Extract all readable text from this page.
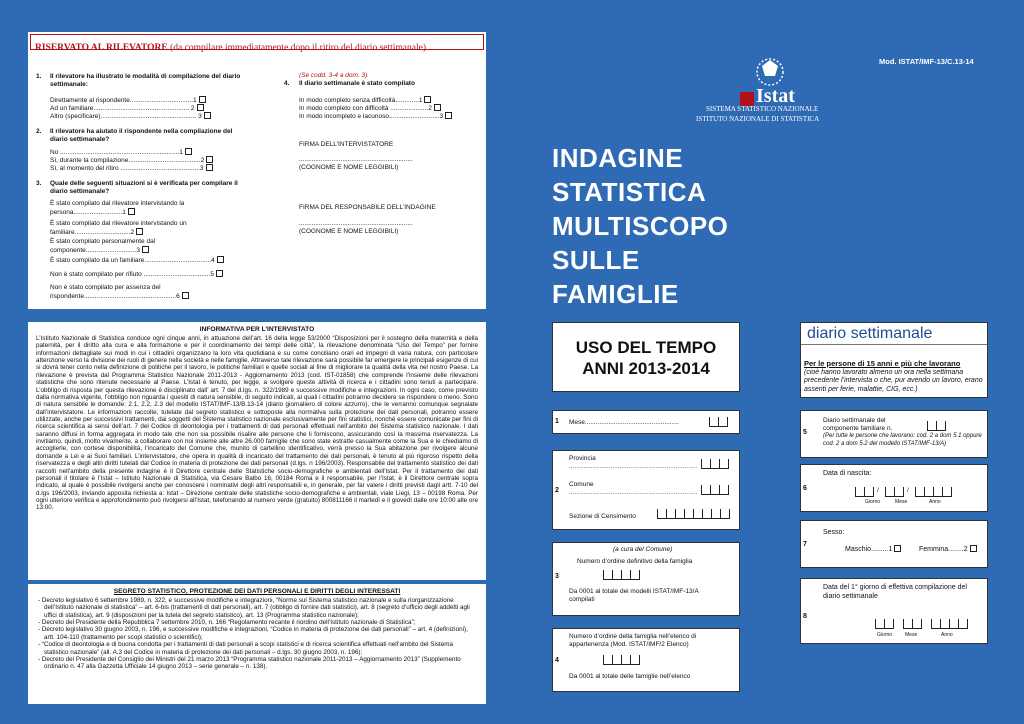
RISERVATO AL RILEVATORE (da compilare immediatamente dopo il ritiro del diario settimanale)
1. Il rilevatore ha illustrato le modalità di compilazione del diario settimanale:
Direttamente al rispondente...................................1
Ad un familiare..................................................... 2
Altro (specificare)..................................................... 3
2. Il rilevatore ha aiutato il rispondente nella compilazione del diario settimanale?
No ..................................................................1
Sì, durante la compilazione........................................2
Sì, al momento del ritiro ............................................3
3. Quale delle seguenti situazioni si è verificata per compilare il diario settimanale?
È stato compilato dal rilevatore intervistando la persona...........................1
È stato compilato dal rilevatore intervistando un familiare...............................2
È stato compilato personalmente dal componente............................3
È stato compilato da un familiare.....................................4
Non è stato compilato per rifiuto .....................................5
Non è stato compilato per assenza del rispondente...................................................6
(Se codd. 3-4 a dom. 3)
4. Il diario settimanale è stato compilato
In modo completo senza difficoltà.............1
In modo completo con difficoltà .....................2
In modo incompleto e lacunoso............................3
FIRMA DELL’INTERVISTATORE
...............................................................
(COGNOME E NOME LEGGIBILI)
FIRMA DEL RESPONSABILE DELL’INDAGINE
...............................................................
(COGNOME E NOME LEGGIBILI)
INFORMATIVA PER L’INTERVISTATO
L’Istituto Nazionale di Statistica conduce ogni cinque anni, in attuazione dell’art. 16 della legge 53/2000 “Disposizioni per il sostegno della maternità e della paternità, per il diritto alla cura e alla formazione e per il coordinamento dei tempi delle città”, la rilevazione denominata “Uso del Tempo” per fornire informazioni dettagliate sui modi in cui i cittadini organizzano la loro vita quotidiana e su come conciliano orari ed impegni di varia natura, con particolare attenzione verso la divisione dei ruoli di genere nella società e nelle famiglie. Attraverso tale rilevazione sarà possibile far emergere le principali esigenze di cui si dovrà tener conto nella definizione di politiche per il lavoro, le politiche familiari e quelle sociali al fine di migliorare la qualità della vita nel nostro Paese. La rilevazione è prevista dal Programma Statistico Nazionale 2011-2013 - Aggiornamento 2013 (cod. IST-01858) che comprende l’insieme delle rilevazioni statistiche che sono ritenute necessarie al Paese. L’Istat è tenuto, per legge, a svolgere queste attività di ricerca e i cittadini sono tenuti a partecipare. L’obbligo di risposta per questa rilevazione è disciplinato dall’ art. 7 del d.lgs. n. 322/1989 e successive modifiche e integrazioni. In ogni caso, come previsto dalla normativa vigente, l’obbligo non riguarda i quesiti di natura sensibile, di seguito indicati, ai quali i cittadini potranno decidere se rispondere o meno. Sono di natura sensibile le domande: 2.1, 2.2, 2.3 del modello ISTAT/IMF-13/B.13-14 (diario giornaliero di colore azzurro), che le verranno comunque segnalate dall’intervistatore. Le informazioni raccolte, tutelate dal segreto statistico e sottoposte alla normativa sulla protezione dei dati personali, potranno essere utilizzate, anche per successivi trattamenti, dai soggetti del Sistema statistico nazionale esclusivamente per fini statistici, nonché essere comunicate per fini di ricerca scientifica ai sensi dell’art. 7 del Codice di deontologia per i trattamenti di dati personali effettuati nell’ambito del Sistema statistico nazionale. I dati saranno diffusi in forma aggregata in modo tale che non sia possibile risalire alle persone che li forniscono, assicurando così la massima riservatezza. La invitiamo, quindi, molto vivamente, a collaborare con noi insieme alle altre 26.000 famiglie che sono state estratte casualmente come la Sua e le chiediamo di accoglierle, con cortese disponibilità, l’incaricato del Comune che, munito di cartellino identificativo, verrà presso la Sua abitazione per rivolgere alcune domande a Lei e ai Suoi familiari. L’intervistatore, che opera in qualità di incaricato del trattamento dei dati personali, è tenuto al più rigoroso rispetto della riservatezza e degli altri diritti tutelati dal Codice in materia di protezione dei dati personali (d.lgs. n 196/2003). Responsabile del trattamento statistico dei dati raccolti nell’ambito della presente indagine è il Direttore centrale delle Statistiche socio-demografiche e ambientali dell’Istat. Per il trattamento dei dati personali il titolare è l’Istat – Istituto Nazionale di Statistica, via Cesare Balbo 16, 00184 Roma e il responsabile, per l’Istat, è il Direttore centrale sopra indicato, al quale è possibile rivolgersi anche per conoscere i nominativi degli altri responsabili e, in generale, per far valere i diritti previsti dagli artt. 7-10 del d.lgs 196/2003, inviando apposita richiesta a: Istat – Direzione centrale delle statistiche socio-demografiche e ambientali, viale Liegi, 13 – 00198 Roma. Per ogni ulteriore verifica e approfondimento può rivolgersi all’Istat, telefonando al numero verde (gratuito) 800811166 il martedì e il giovedì dalle ore 10:00 alle ore 13:00.
SEGRETO STATISTICO, PROTEZIONE DEI DATI PERSONALI E DIRITTI DEGLI INTERESSATI
- Decreto legislativo 6 settembre 1989, n. 322, e successive modifiche e integrazioni, “Norme sul Sistema statistico nazionale e sulla riorganizzazione dell’Istituto nazionale di statistica” – art. 6-bis (trattamenti di dati personali), art. 7 (obbligo di fornire dati statistici), art. 8 (segreto d’ufficio degli addetti agli uffici di statistica), art. 9 (disposizioni per la tutela del segreto statistico), art. 13 (Programma statistico nazionale);
- Decreto del Presidente della Repubblica 7 settembre 2010, n. 166 “Regolamento recante il riordino dell’Istituto nazionale di Statistica”;
- Decreto legislativo 30 giugno 2003, n. 196, e successive modifiche e integrazioni, “Codice in materia di protezione dei dati personali” – art. 4 (definizioni), artt. 104-110 (trattamento per scopi statistici o scientifici);
- “Codice di deontologia e di buona condotta per i trattamenti di dati personali a scopi statistici e di ricerca scientifica effettuati nell’ambito del Sistema statistico nazionale” (all. A.3 del Codice in materia di protezione dei dati personali – d.lgs. 30 giugno 2003, n. 196);
- Decreto del Presidente del Consiglio dei Ministri del 21 marzo 2013 “Programma statistico nazionale 2011-2013 – Aggiornamento 2013” (Supplemento ordinario n. 47 alla Gazzetta Ufficiale 14 giugno 2013 – serie generale – n. 138).
Mod. ISTAT/IMF-13/C.13-14
Istat
SISTEMA STATISTICO NAZIONALE
ISTITUTO NAZIONALE DI STATISTICA
INDAGINE
STATISTICA
MULTISCOPO
SULLE
FAMIGLIE
USO DEL TEMPO
ANNI 2013-2014
diario settimanale
Per le persone di 15 anni e più che lavorano
(cioè hanno lavorato almeno un ora nella settimana precedente l’intervista o che, pur avendo un lavoro, erano assenti per ferie, malattie, CIG, ecc.)
1 Mese....................................................
2
Provincia
.......................................................................
Comune
.......................................................................
Sezione di Censimento
3
(a cura del Comune)
Numero d’ordine definitivo della famiglia
Da 0001 al totale dei modelli ISTAT/IMF-13/A compilati
4
Numero d’ordine della famiglia nell’elenco di appartenenza (Mod. ISTAT/IMF/2 Elenco)
Da 0001 al totale delle famiglie nell’elenco
5
Diario settimanale del componente familiare n.
(Per tutte le persone che lavorano: cod. 2 a dom 5.1 oppure cod. 2 a dom 5.2 del modello ISTAT/IMF-13/A)
6
Data di nascita:
/	/
Giorno	Mese	Anno
7
Sesso:
Maschio.........1	Femmina........2
8
Data del 1° giorno di effettiva compilazione del diario settimanale
Giorno	Mese	Anno
